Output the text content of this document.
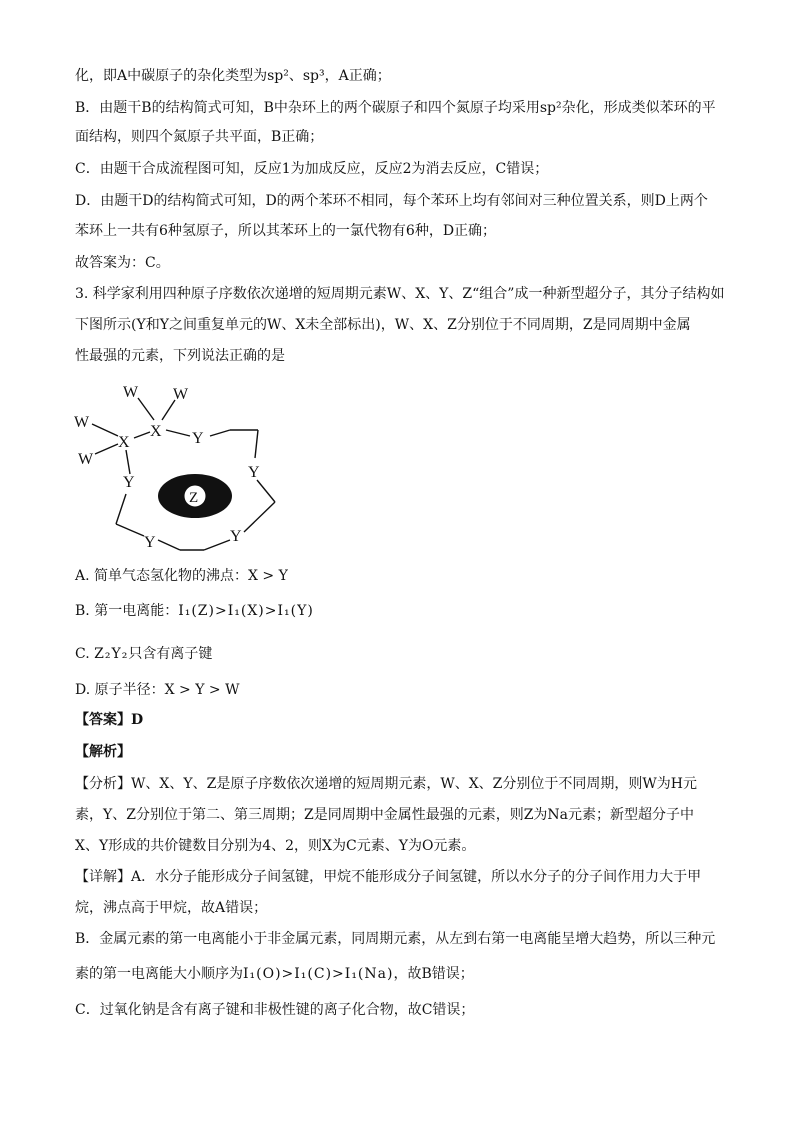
化，即A中碳原子的杂化类型为sp²、sp³，A正确；
B．由题干B的结构简式可知，B中杂环上的两个碳原子和四个氮原子均采用sp²杂化，形成类似苯环的平
面结构，则四个氮原子共平面，B正确；
C．由题干合成流程图可知，反应1为加成反应，反应2为消去反应，C错误；
D．由题干D的结构简式可知，D的两个苯环不相同，每个苯环上均有邻间对三种位置关系，则D上两个
苯环上一共有6种氢原子，所以其苯环上的一氯代物有6种，D正确；
故答案为：C。
3. 科学家利用四种原子序数依次递增的短周期元素W、X、Y、Z“组合”成一种新型超分子，其分子结构如
下图所示(Y和Y之间重复单元的W、X未全部标出)，W、X、Z分别位于不同周期，Z是同周期中金属
性最强的元素，下列说法正确的是
W W
W
W
X
X Y
Y
Y
Y
Y
Z
A. 简单气态氢化物的沸点：X > Y
B. 第一电离能：I₁(Z)>I₁(X)>I₁(Y)
C. Z₂Y₂只含有离子键
D. 原子半径：X > Y > W
【答案】D
【解析】
【分析】W、X、Y、Z是原子序数依次递增的短周期元素，W、X、Z分别位于不同周期，则W为H元
素，Y、Z分别位于第二、第三周期；Z是同周期中金属性最强的元素，则Z为Na元素；新型超分子中
X、Y形成的共价键数目分别为4、2，则X为C元素、Y为O元素。
【详解】A．水分子能形成分子间氢键，甲烷不能形成分子间氢键，所以水分子的分子间作用力大于甲
烷，沸点高于甲烷，故A错误；
B．金属元素的第一电离能小于非金属元素，同周期元素，从左到右第一电离能呈增大趋势，所以三种元
素的第一电离能大小顺序为I₁(O)>I₁(C)>I₁(Na)，故B错误；
C．过氧化钠是含有离子键和非极性键的离子化合物，故C错误；
